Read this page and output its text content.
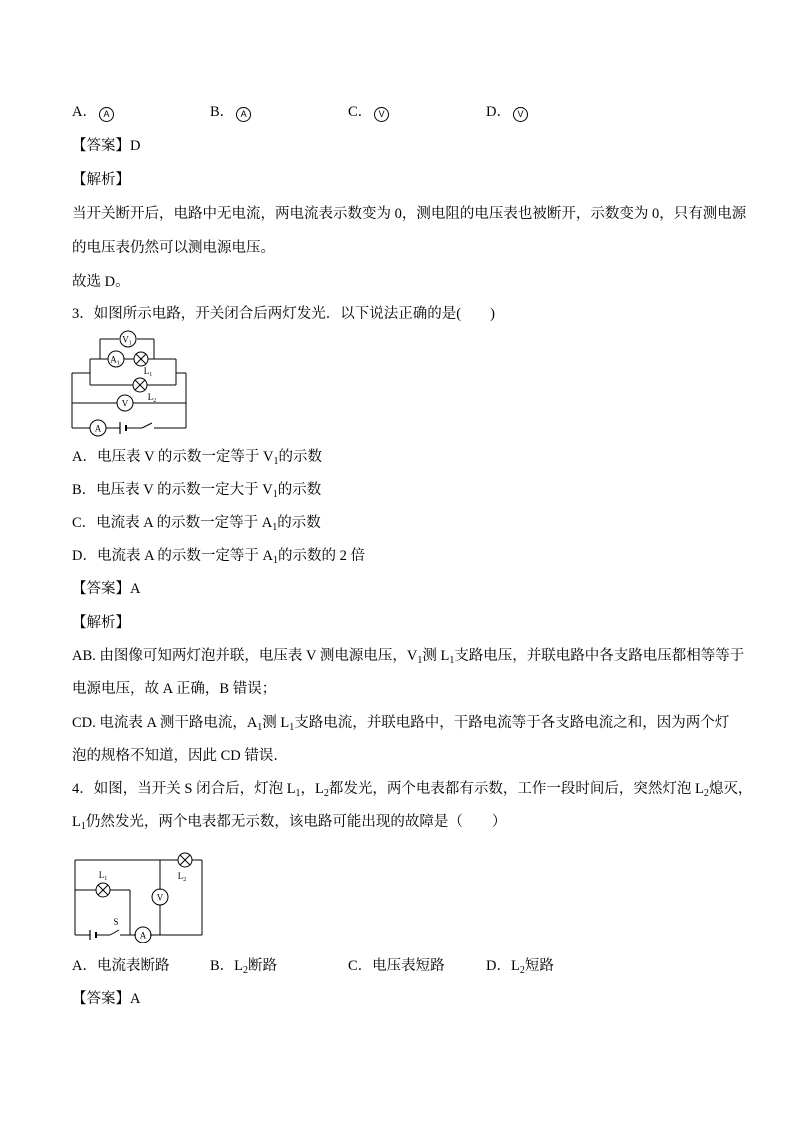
A． A	B． A	C． V	D． V
【答案】D
【解析】
当开关断开后，电路中无电流，两电流表示数变为 0，测电阻的电压表也被断开，示数变为 0，只有测电源
的电压表仍然可以测电源电压。
故选 D。
3．如图所示电路，开关闭合后两灯发光．以下说法正确的是(　　)
$V_1$
$A_1$
$L_1$
$L_2$
V
A
A．电压表 V 的示数一定等于 $V_1$的示数
B．电压表 V 的示数一定大于 $V_1$的示数
C．电流表 A 的示数一定等于 $A_1$的示数
D．电流表 A 的示数一定等于 $A_1$的示数的 2 倍
【答案】A
【解析】
AB. 由图像可知两灯泡并联，电压表 V 测电源电压，$V_1$测 $L_1$支路电压，并联电路中各支路电压都相等等于
电源电压，故 A 正确，B 错误；
CD. 电流表 A 测干路电流，$A_1$测 $L_1$支路电流，并联电路中，干路电流等于各支路电流之和，因为两个灯
泡的规格不知道，因此 CD 错误．
4．如图，当开关 S 闭合后，灯泡 $L_1$，$L_2$都发光，两个电表都有示数，工作一段时间后，突然灯泡 $L_2$熄灭，
$L_1$仍然发光，两个电表都无示数，该电路可能出现的故障是（　　）
$L_1$	$L_2$
S
V
A
A．电流表断路	B．$L_2$断路	C．电压表短路	D．$L_2$短路
【答案】A
